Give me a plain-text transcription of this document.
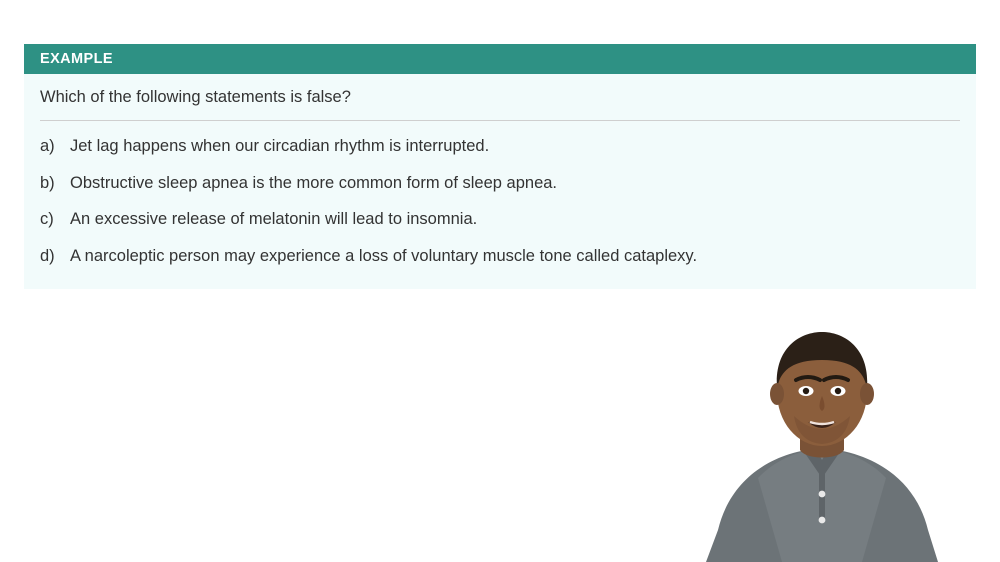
EXAMPLE
Which of the following statements is false?
a) Jet lag happens when our circadian rhythm is interrupted.
b) Obstructive sleep apnea is the more common form of sleep apnea.
c) An excessive release of melatonin will lead to insomnia.
d) A narcoleptic person may experience a loss of voluntary muscle tone called cataplexy.
